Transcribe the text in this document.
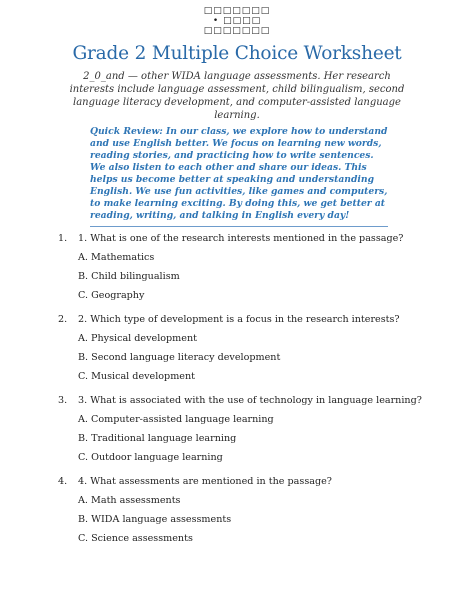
□□□□□□□
• □□□□
□□□□□□□
Grade 2 Multiple Choice Worksheet
2_0_and — other WIDA language assessments. Her research interests include language assessment, child bilingualism, second language literacy development, and computer-assisted language learning.
Quick Review: In our class, we explore how to understand and use English better. We focus on learning new words, reading stories, and practicing how to write sentences. We also listen to each other and share our ideas. This helps us become better at speaking and understanding English. We use fun activities, like games and computers, to make learning exciting. By doing this, we get better at reading, writing, and talking in English every day!
1.	1. What is one of the research interests mentioned in the passage?
A. Mathematics
B. Child bilingualism
C. Geography
2.	2. Which type of development is a focus in the research interests?
A. Physical development
B. Second language literacy development
C. Musical development
3.	3. What is associated with the use of technology in language learning?
A. Computer-assisted language learning
B. Traditional language learning
C. Outdoor language learning
4.	4. What assessments are mentioned in the passage?
A. Math assessments
B. WIDA language assessments
C. Science assessments
